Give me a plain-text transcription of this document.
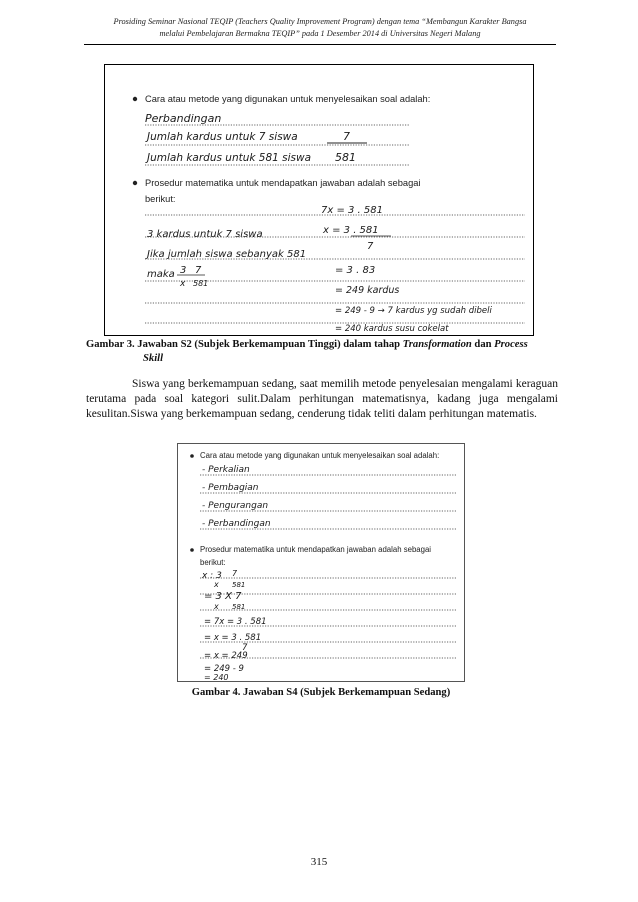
Prosiding Seminar Nasional TEQIP (Teachers Quality Improvement Program) dengan tema “Membangun Karakter Bangsa
melalui Pembelajaran Bermakna TEQIP” pada 1 Desember 2014 di Universitas Negeri Malang
Cara atau metode yang digunakan untuk menyelesaikan soal adalah:
Perbandingan
Jumlah kardus untuk 7 siswa	7
Jumlah kardus untuk 581 siswa 581
Prosedur matematika untuk mendapatkan jawaban adalah sebagai
berikut:
3 kardus untuk 7 siswa
Jika jumlah siswa sebanyak 581
maka 3 7
x 581
7x = 3 . 581
x = 3 . 581
7
= 3 . 83
= 249 kardus
= 249 - 9 → 7 kardus yg sudah dibeli
= 240 kardus susu cokelat
Gambar 3. Jawaban S2 (Subjek Berkemampuan Tinggi) dalam tahap Transformation dan Process
Skill
Siswa yang berkemampuan sedang, saat memilih metode penyelesaian mengalami keraguan terutama pada soal kategori sulit.Dalam perhitungan matematisnya, kadang juga mengalami kesulitan.Siswa yang berkemampuan sedang, cenderung tidak teliti dalam perhitungan matematis.
Cara atau metode yang digunakan untuk menyelesaikan soal adalah:
- Perkalian
- Pembagian
- Pengurangan
- Perbandingan
Prosedur matematika untuk mendapatkan jawaban adalah sebagai
berikut:
x : 3 7
x 581
= 3 X 7
x 581
= 7x = 3 . 581
= x = 3 . 581
7
= x = 249
= 249 - 9
= 240
Gambar 4. Jawaban S4 (Subjek Berkemampuan Sedang)
315
